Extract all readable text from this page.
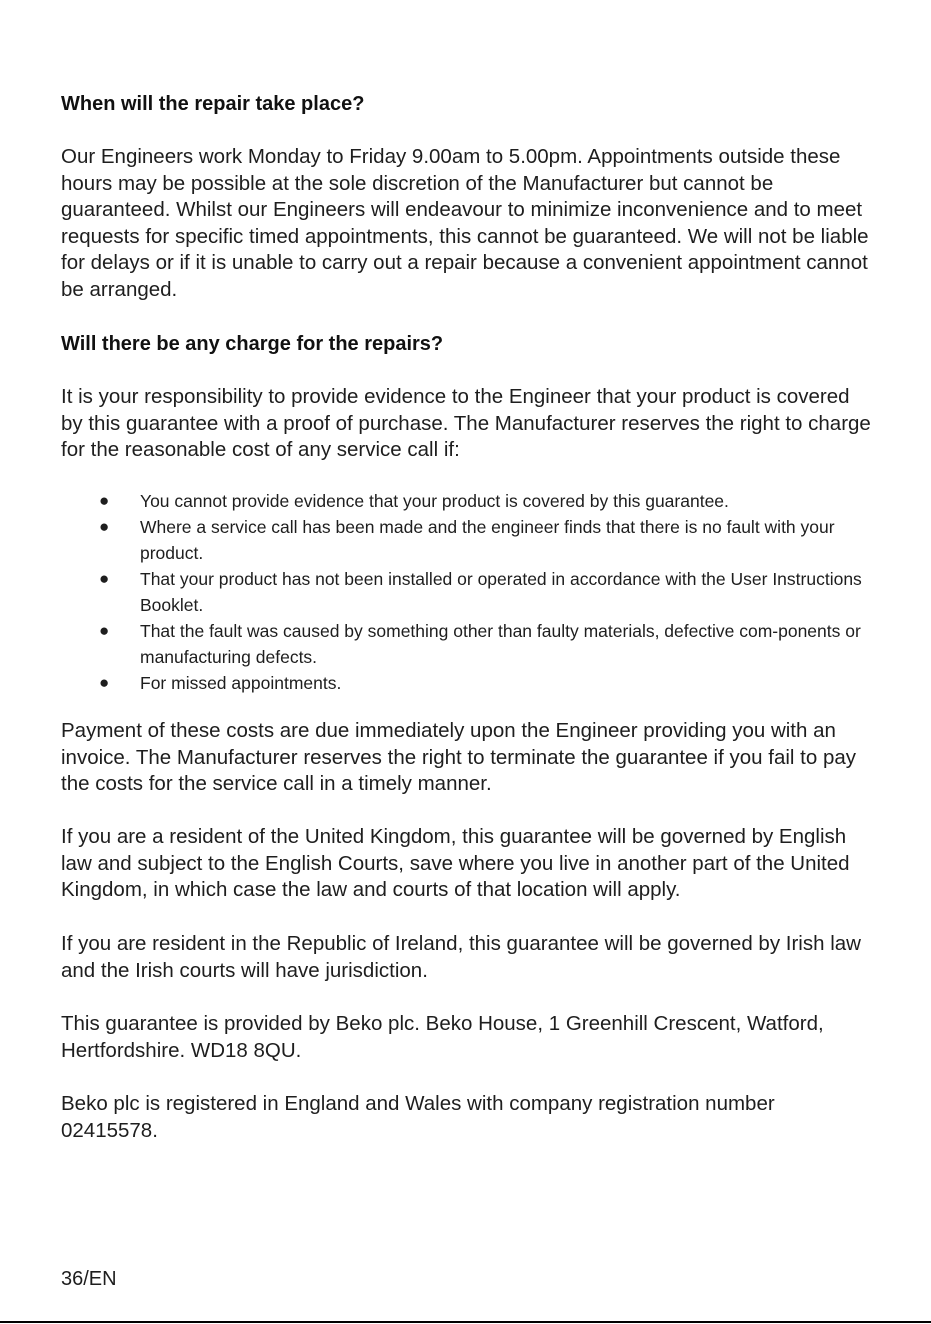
When will the repair take place?

Our Engineers work Monday to Friday 9.00am to 5.00pm. Appointments outside these hours may be possible at the sole discretion of the Manufacturer but cannot be guaranteed. Whilst our Engineers will endeavour to minimize inconvenience and to meet requests for specific timed appointments, this cannot be guaranteed. We will not be liable for delays or if it is unable to carry out a repair because a convenient appointment cannot be arranged.

Will there be any charge for the repairs?

It is your responsibility to provide evidence to the Engineer that your product is covered by this guarantee with a proof of purchase. The Manufacturer reserves the right to charge for the reasonable cost of any service call if:

● You cannot provide evidence that your product is covered by this guarantee.
● Where a service call has been made and the engineer finds that there is no fault with your product.
● That your product has not been installed or operated in accordance with the User Instructions Booklet.
● That the fault was caused by something other than faulty materials, defective com-ponents or manufacturing defects.
● For missed appointments.

Payment of these costs are due immediately upon the Engineer providing you with an invoice. The Manufacturer reserves the right to terminate the guarantee if you fail to pay the costs for the service call in a timely manner.

If you are a resident of the United Kingdom, this guarantee will be governed by English law and subject to the English Courts, save where you live in another part of the United Kingdom, in which case the law and courts of that location will apply.

If you are resident in the Republic of Ireland, this guarantee will be governed by Irish law and the Irish courts will have jurisdiction.

This guarantee is provided by Beko plc. Beko House, 1 Greenhill Crescent, Watford, Hertfordshire. WD18 8QU.

Beko plc is registered in England and Wales with company registration number 02415578.

36/EN
